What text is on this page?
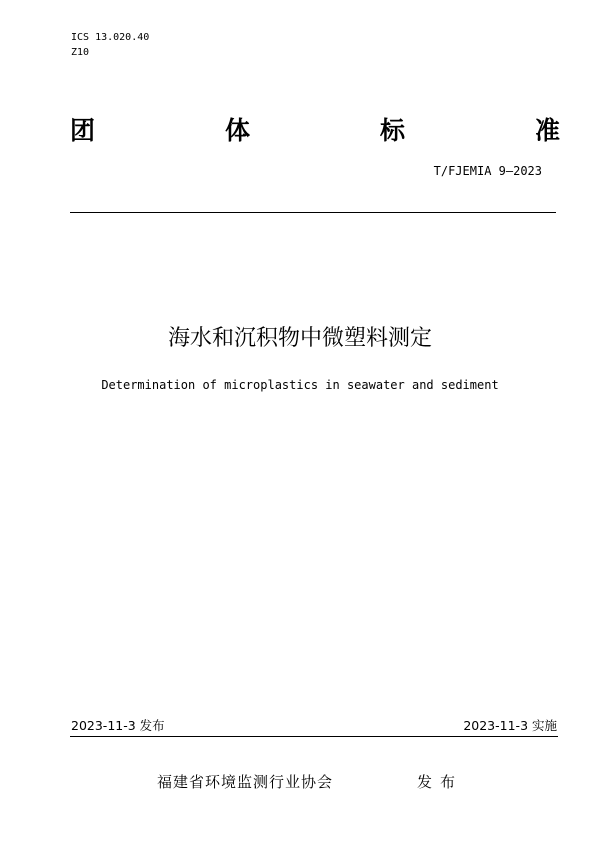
ICS 13.020.40
Z10
团	体	标	准
T/FJEMIA 9—2023
海水和沉积物中微塑料测定
Determination of microplastics in seawater and sediment
2023-11-3 发布	2023-11-3 实施
福建省环境监测行业协会	发布
